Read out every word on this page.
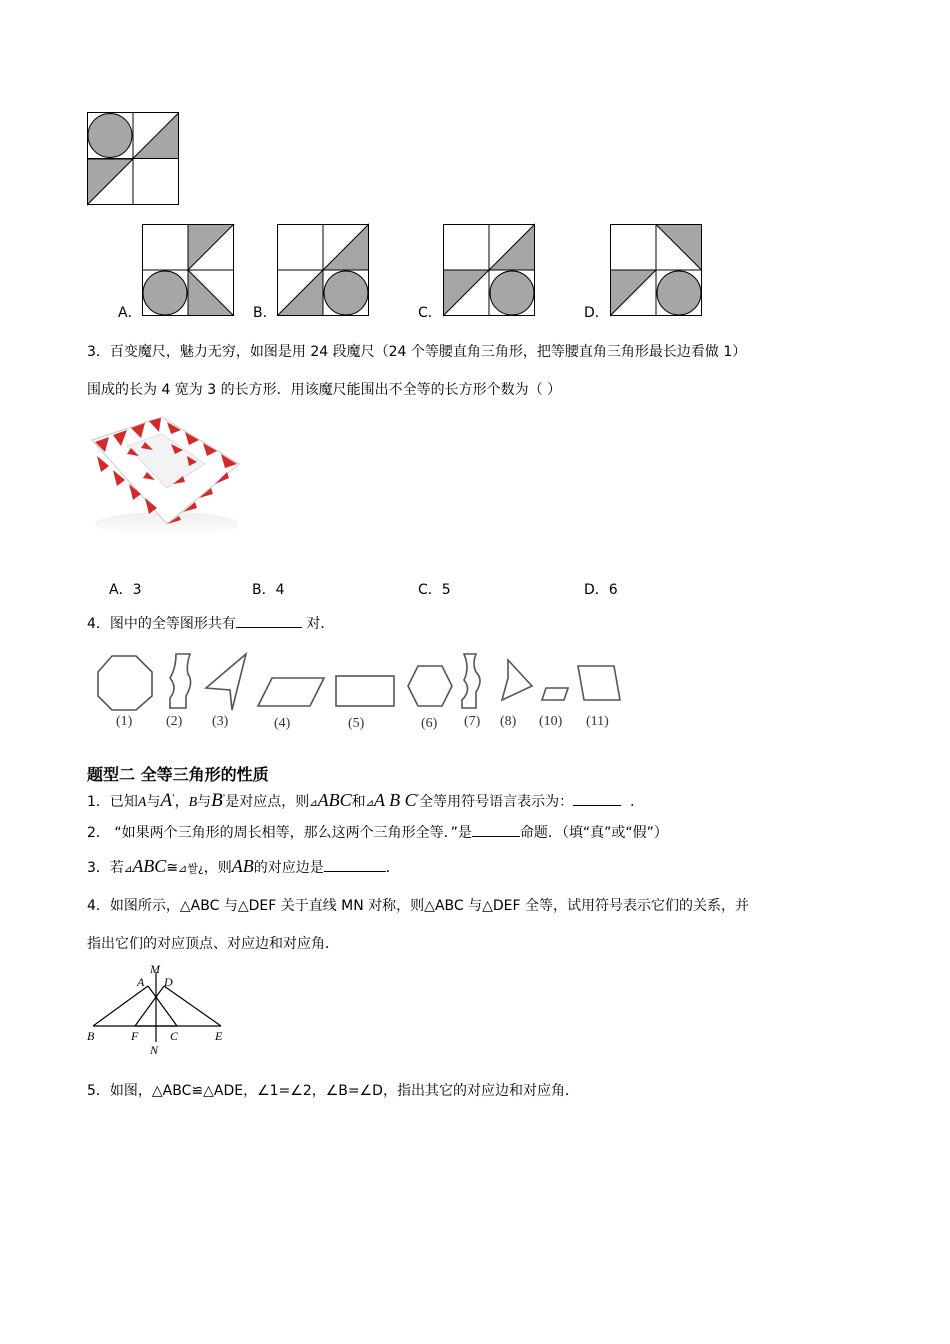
A．	B．	C．	D．
3．百变魔尺，魅力无穷，如图是用 24 段魔尺（24 个等腰直角三角形，把等腰直角三角形最长边看做 1）
围成的长为 4 宽为 3 的长方形．用该魔尺能围出不全等的长方形个数为（ ）
A．3	B．4	C．5	D．6
4．图中的全等图形共有	对．
(1) (2) (3)	(4)	(5)	(6) (7) (8) (10) (11)
题型二 全等三角形的性质
1．已知A与A'，B与B'是对应点，则⊿ABC和⊿A B C'全等用符号语言表示为：	．
2． “如果两个三角形的周长相等，那么这两个三角形全等．”是	命题．（填“真”或“假”）
3．若⊿ABC≅⊿쌀¿，则AB的对应边是	．
4．如图所示，△ABC 与△DEF 关于直线 MN 对称，则△ABC 与△DEF 全等，试用符号表示它们的关系，并
指出它们的对应顶点、对应边和对应角．
M
A D
B	F	C	E
N
5．如图，△ABC≌△ADE，∠1=∠2，∠B=∠D，指出其它的对应边和对应角．
